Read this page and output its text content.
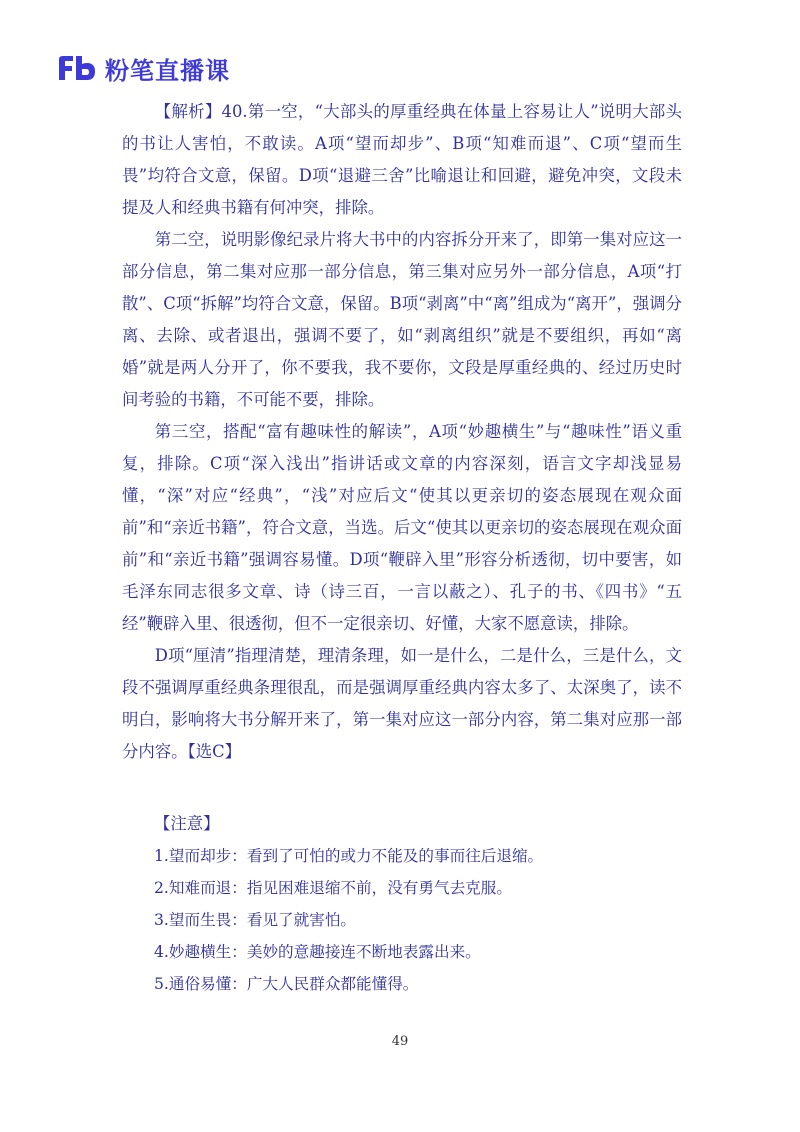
粉笔直播课

【解析】40.第一空，“大部头的厚重经典在体量上容易让人”说明大部头的书让人害怕，不敢读。A项“望而却步”、B项“知难而退”、C项“望而生畏”均符合文意，保留。D项“退避三舍”比喻退让和回避，避免冲突，文段未提及人和经典书籍有何冲突，排除。

第二空，说明影像纪录片将大书中的内容拆分开来了，即第一集对应这一部分信息，第二集对应那一部分信息，第三集对应另外一部分信息，A项“打散”、C项“拆解”均符合文意，保留。B项“剥离”中“离”组成为“离开”，强调分离、去除、或者退出，强调不要了，如“剥离组织”就是不要组织，再如“离婚”就是两人分开了，你不要我，我不要你，文段是厚重经典的、经过历史时间考验的书籍，不可能不要，排除。

第三空，搭配“富有趣味性的解读”，A项“妙趣横生”与“趣味性”语义重复，排除。C项“深入浅出”指讲话或文章的内容深刻，语言文字却浅显易懂，“深”对应“经典”，“浅”对应后文“使其以更亲切的姿态展现在观众面前”和“亲近书籍”，符合文意，当选。后文“使其以更亲切的姿态展现在观众面前”和“亲近书籍”强调容易懂。D项“鞭辟入里”形容分析透彻，切中要害，如毛泽东同志很多文章、诗（诗三百，一言以蔽之）、孔子的书、《四书》“五经”鞭辟入里、很透彻，但不一定很亲切、好懂，大家不愿意读，排除。

D项“厘清”指理清楚，理清条理，如一是什么，二是什么，三是什么，文段不强调厚重经典条理很乱，而是强调厚重经典内容太多了、太深奥了，读不明白，影响将大书分解开来了，第一集对应这一部分内容，第二集对应那一部分内容。【选C】

【注意】

1.望而却步：看到了可怕的或力不能及的事而往后退缩。

2.知难而退：指见困难退缩不前，没有勇气去克服。

3.望而生畏：看见了就害怕。

4.妙趣横生：美妙的意趣接连不断地表露出来。

5.通俗易懂：广大人民群众都能懂得。

49
